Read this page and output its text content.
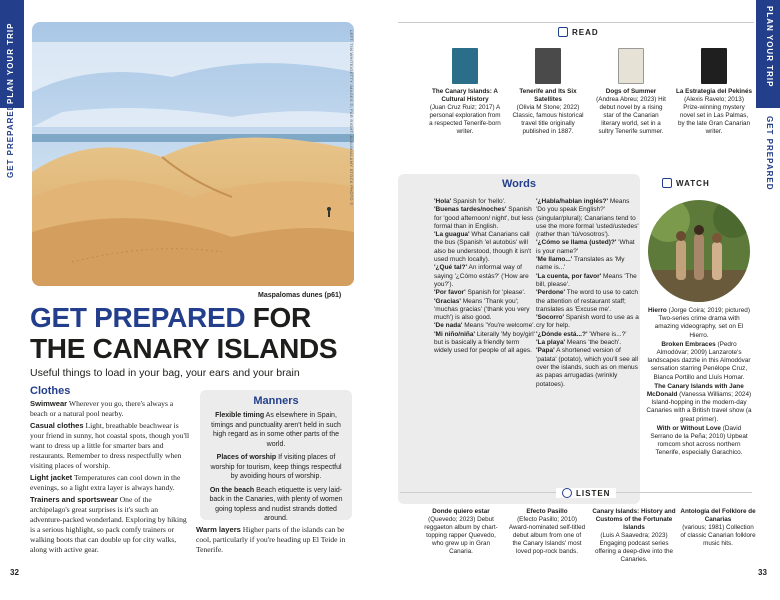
PLAN YOUR TRIP
GET PREPARED
PLAN YOUR TRIP
GET PREPARED
LEFT: TIM WHITE/GETTY IMAGES ©; FAR RIGHT: ALBUM/ALAMY STOCK PHOTO ©
Maspalomas dunes (p61)
GET PREPARED FOR
THE CANARY ISLANDS
Useful things to load in your bag, your ears and your brain
Clothes

Swimwear Wherever you go, there's always a beach or a natural pool nearby.

Casual clothes Light, breathable beachwear is your friend in sunny, hot coastal spots, though you'll want to dress up a little for smarter bars and restaurants. Remember to dress respectfully when visiting places of worship.

Light jacket Temperatures can cool down in the evenings, so a light extra layer is always handy.

Trainers and sportswear One of the archipelago's great surprises is it's such an adventure-packed wonderland. Exploring by hiking is a serious highlight, so pack comfy trainers or walking boots that can double up for city walks, along with active gear.

Manners

Flexible timing As elsewhere in Spain, timings and punctuality aren't held in such high regard as in some other parts of the world.

Places of worship If visiting places of worship for tourism, keep things respectful by avoiding hours of worship.

On the beach Beach etiquette is very laid-back in the Canaries, with plenty of women going topless and nudist strands dotted around.

Warm layers Higher parts of the islands can be cool, particularly if you're heading up El Teide in Tenerife.
32	33
READ
The Canary Islands: A Cultural History
(Juan Cruz Ruiz; 2017) A personal exploration from a respected Tenerife-born writer.
Tenerife and Its Six Satellites
(Olivia M Stone; 2022) Classic, famous historical travel title originally published in 1887.
Dogs of Summer
(Andrea Abreu; 2023) Hit debut novel by a rising star of the Canarian literary world, set in a sultry Tenerife summer.
La Estrategia del Pekinés
(Alexis Ravelo; 2013) Prize-winning mystery novel set in Las Palmas, by the late Gran Canarian writer.
Words
'Hola' Spanish for 'hello'.
'Buenas tardes/noches' Spanish for 'good afternoon/ night', but less formal than in English.
'La guagua' What Canarians call the bus (Spanish 'el autobús' will also be understood, though it isn't used much locally).
'¿Qué tal?' An informal way of saying '¿Cómo estás?' ('How are you?').
'Por favor' Spanish for 'please'.
'Gracias' Means 'Thank you'; 'muchas gracias' ('thank you very much') is also good.
'De nada' Means 'You're welcome'.
'Mi niño/niña' Literally 'My boy/girl' but is basically a friendly term widely used for people of all ages.
'¿Habla/hablan inglés?' Means 'Do you speak English?' (singular/plural); Canarians tend to use the more formal 'usted/ustedes' (rather than 'tú/vosotros').
'¿Cómo se llama (usted)?' 'What is your name?'
'Me llamo...' Translates as 'My name is...'
'La cuenta, por favor' Means 'The bill, please'.
'Perdone' The word to use to catch the attention of restaurant staff; translates as 'Excuse me'.
'Socorro' Spanish word to use as a cry for help.
'¿Dónde está...?' 'Where is...?'
'La playa' Means 'the beach'.
'Papa' A shortened version of 'patata' (potato), which you'll see all over the islands, such as on menus as papas arrugadas (wrinkly potatoes).
WATCH

Hierro (Jorge Coira; 2019; pictured) Two-series crime drama with amazing videography, set on El Hierro.

Broken Embraces (Pedro Almodóvar; 2009) Lanzarote's landscapes dazzle in this Almodóvar sensation starring Penélope Cruz, Blanca Portillo and Lluís Homar.

The Canary Islands with Jane McDonald (Vanessa Williams; 2024) Island-hopping in the modern-day Canaries with a British travel show (a great primer).

With or Without Love (David Serrano de la Peña; 2010) Upbeat romcom shot across northern Tenerife, especially Garachico.

LISTEN
Donde quiero estar
(Quevedo; 2023) Debut reggaeton album by chart-topping rapper Quevedo, who grew up in Gran Canaria.
Efecto Pasillo
(Efecto Pasillo; 2010) Award-nominated self-titled debut album from one of the Canary Islands' most loved pop-rock bands.
Canary Islands: History and Customs of the Fortunate Islands
(Luis A Saavedra; 2023) Engaging podcast series offering a deep-dive into the Canaries.
Antología del Folklore de Canarias
(various; 1981) Collection of classic Canarian folklore music hits.
